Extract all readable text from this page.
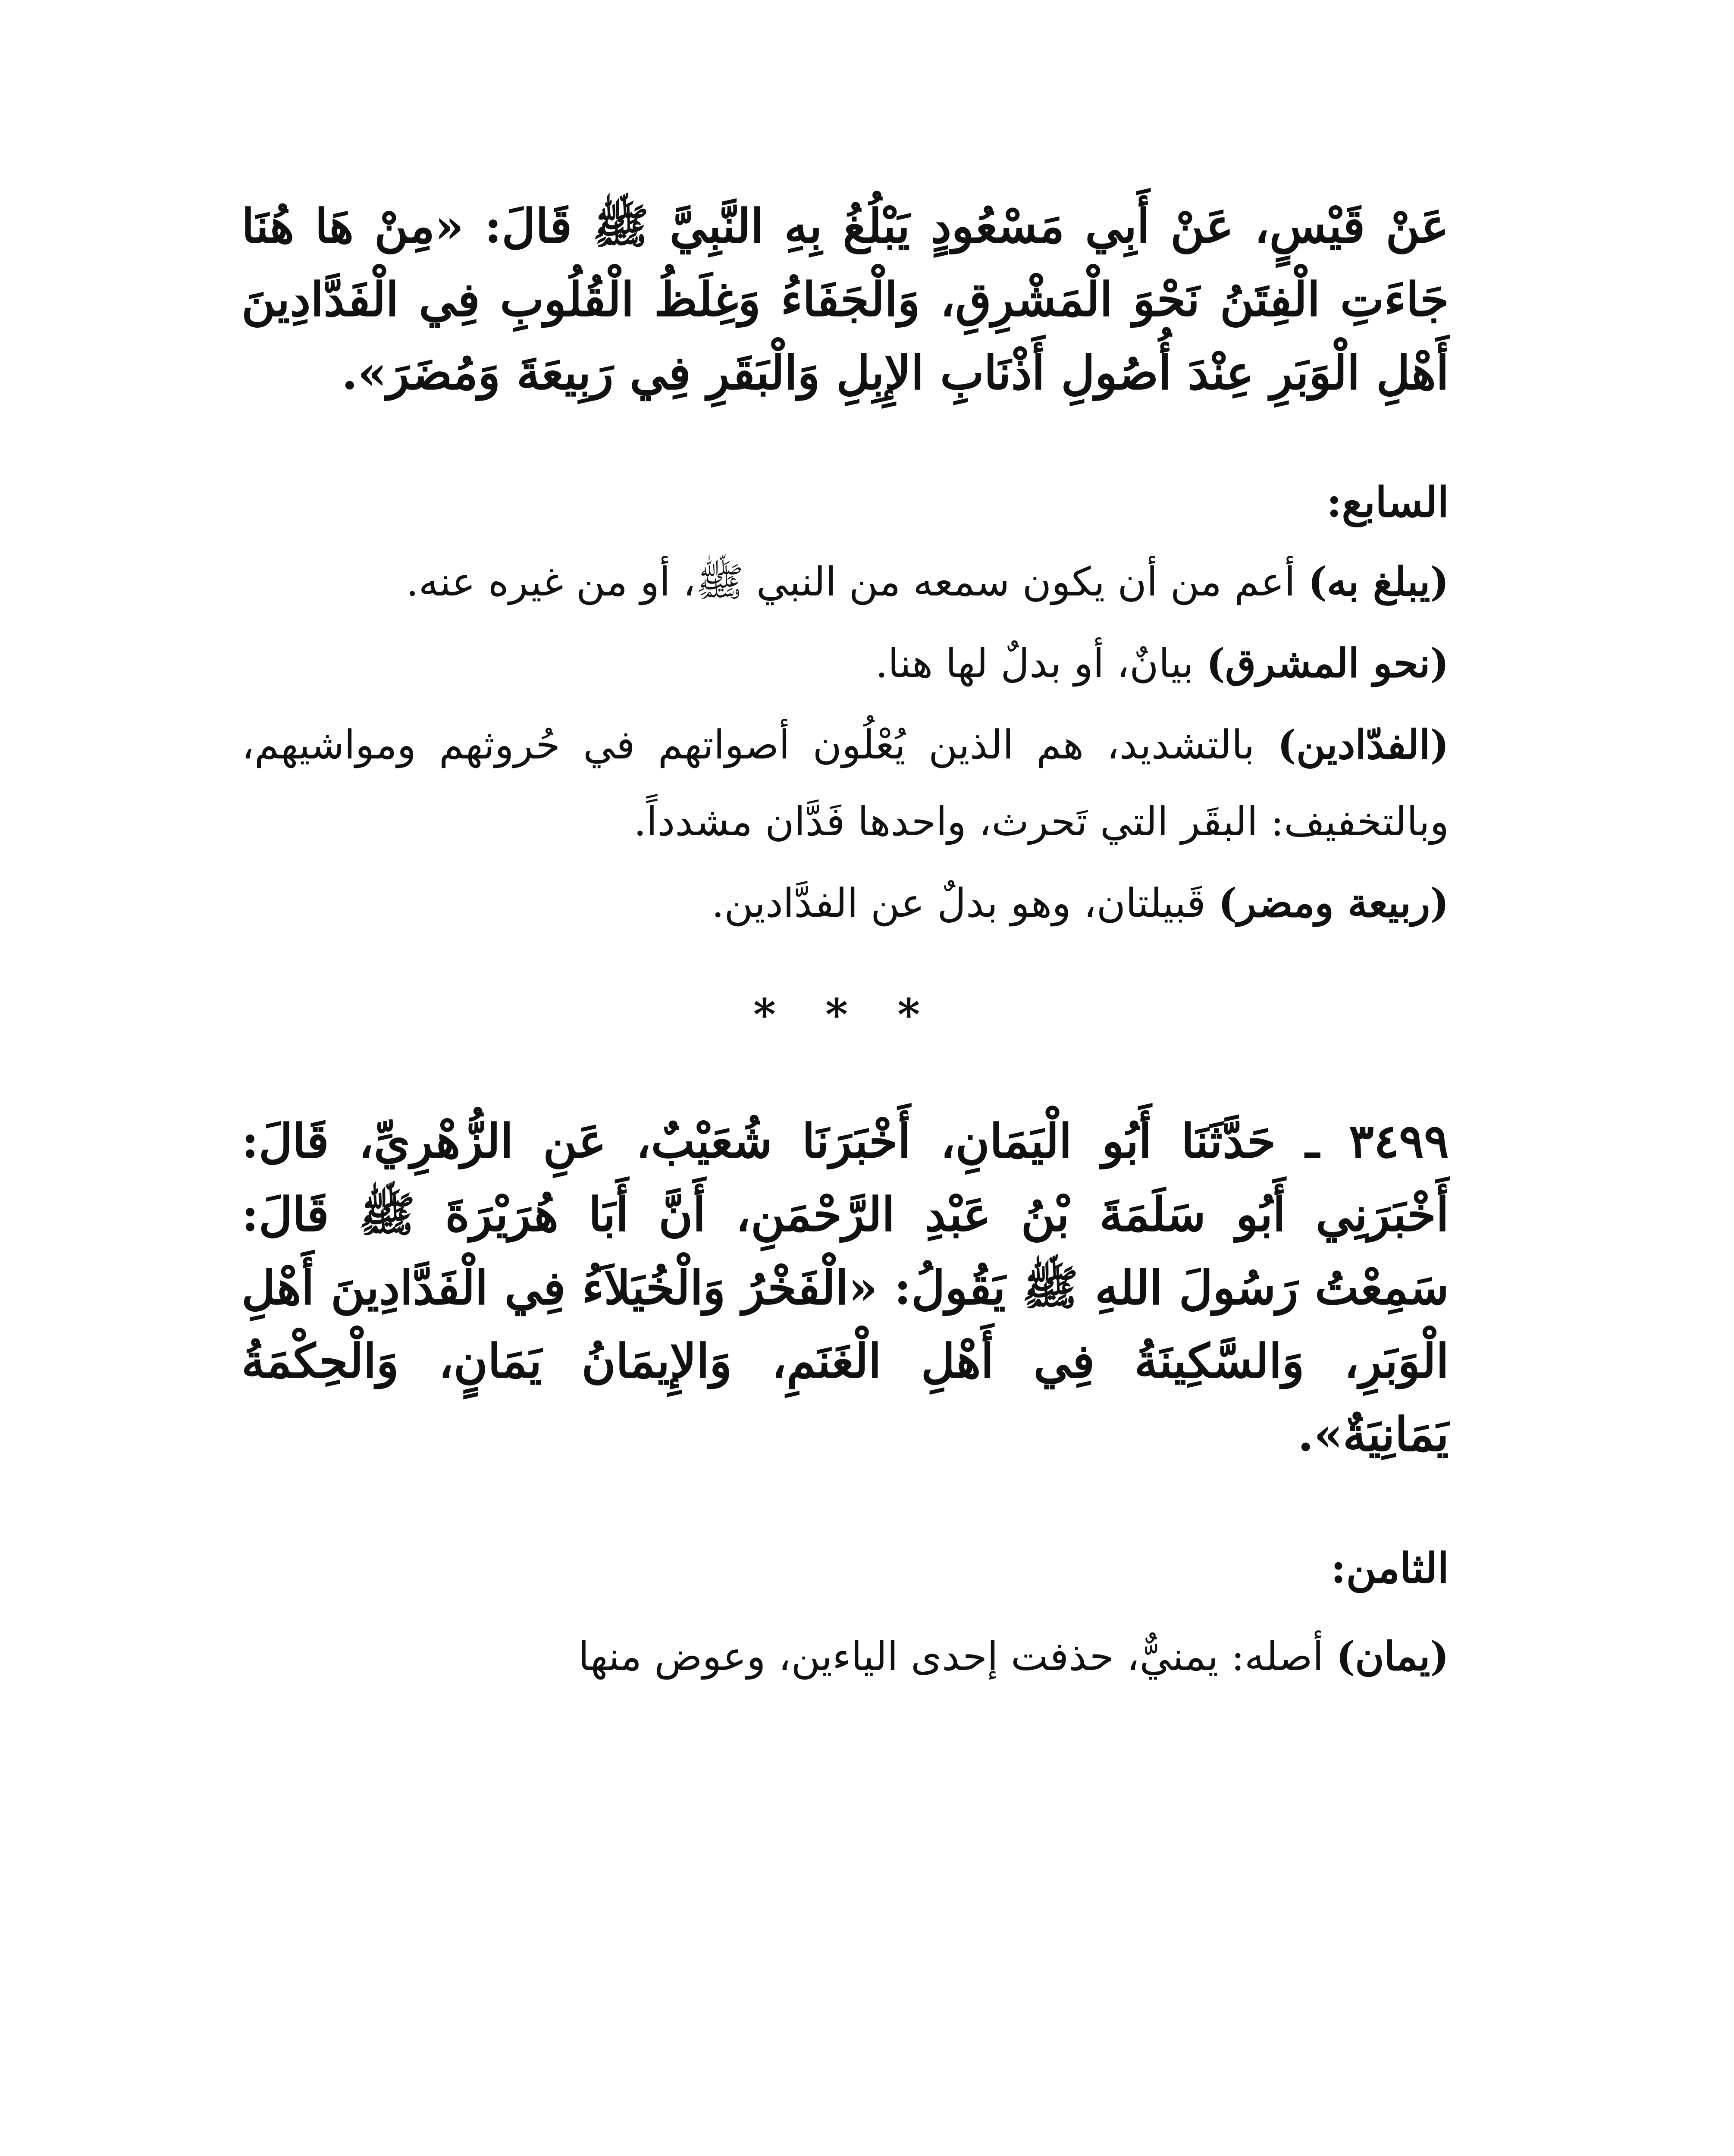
عَنْ قَيْسٍ، عَنْ أَبِي مَسْعُودٍ يَبْلُغُ بِهِ النَّبِيَّ ﷺ قَالَ: «مِنْ هَا هُنَا جَاءَتِ الْفِتَنُ نَحْوَ الْمَشْرِقِ، وَالْجَفَاءُ وَغِلَظُ الْقُلُوبِ فِي الْفَدَّادِينَ أَهْلِ الْوَبَرِ عِنْدَ أُصُولِ أَذْنَابِ الإِبِلِ وَالْبَقَرِ فِي رَبِيعَةَ وَمُضَرَ».

السابع:

(يبلغ به) أعم من أن يكون سمعه من النبي ﷺ، أو من غيره عنه.

(نحو المشرق) بيانٌ، أو بدلٌ لها هنا.

(الفدّادين) بالتشديد، هم الذين يُعْلُون أصواتهم في حُروثهم ومواشيهم، وبالتخفيف: البقَر التي تَحرث، واحدها فَدَّان مشدداً.

(ربيعة ومضر) قَبيلتان، وهو بدلٌ عن الفدَّادين.

* * *

٣٤٩٩ ـ حَدَّثَنَا أَبُو الْيَمَانِ، أَخْبَرَنَا شُعَيْبٌ، عَنِ الزُّهْرِيِّ، قَالَ: أَخْبَرَنِي أَبُو سَلَمَةَ بْنُ عَبْدِ الرَّحْمَنِ، أَنَّ أَبَا هُرَيْرَةَ ﷺ قَالَ: سَمِعْتُ رَسُولَ اللهِ ﷺ يَقُولُ: «الْفَخْرُ وَالْخُيَلاَءُ فِي الْفَدَّادِينَ أَهْلِ الْوَبَرِ، وَالسَّكِينَةُ فِي أَهْلِ الْغَنَمِ، وَالإِيمَانُ يَمَانٍ، وَالْحِكْمَةُ يَمَانِيَةٌ».

الثامن:

(يمان) أصله: يمنيٌّ، حذفت إحدى الياءين، وعوض منها
